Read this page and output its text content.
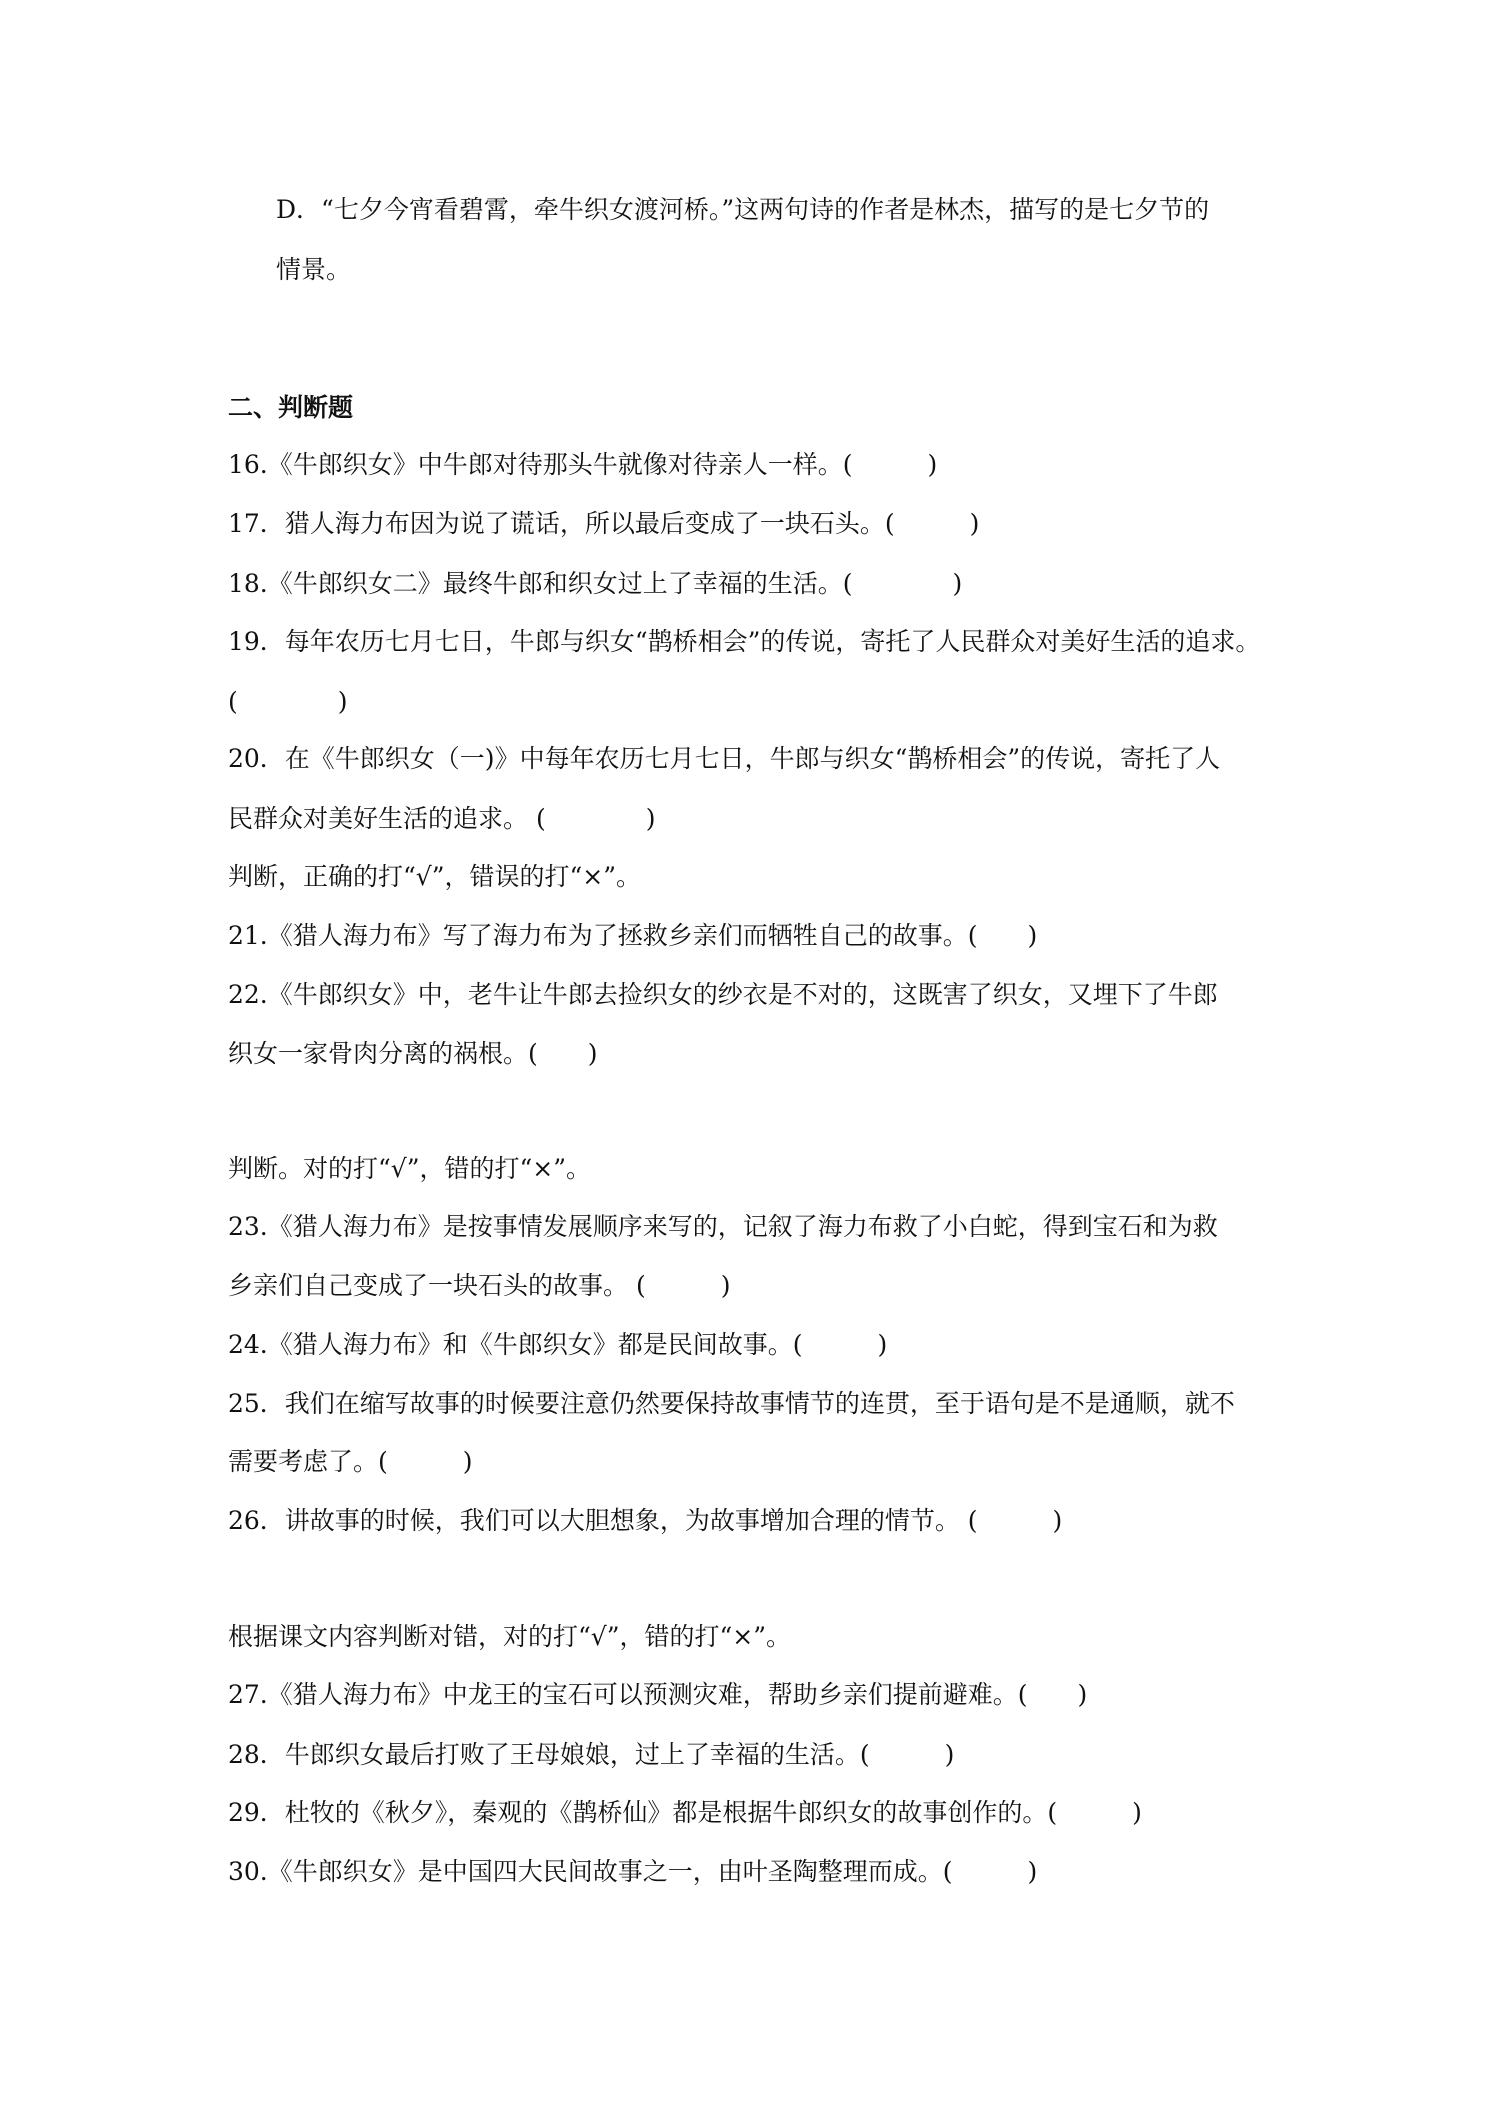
D．“七夕今宵看碧霄，牵牛织女渡河桥。”这两句诗的作者是林杰，描写的是七夕节的
情景。
二、判断题
16.《牛郎织女》中牛郎对待那头牛就像对待亲人一样。(　　　)
17．猎人海力布因为说了谎话，所以最后变成了一块石头。(　　　)
18.《牛郎织女二》最终牛郎和织女过上了幸福的生活。(　　　　)
19．每年农历七月七日，牛郎与织女“鹊桥相会”的传说，寄托了人民群众对美好生活的追求。
(　　　　)
20．在《牛郎织女（一)》中每年农历七月七日，牛郎与织女“鹊桥相会”的传说，寄托了人
民群众对美好生活的追求。 (　　　　)
判断，正确的打“√”，错误的打“×”。
21.《猎人海力布》写了海力布为了拯救乡亲们而牺牲自己的故事。(　　)
22.《牛郎织女》中，老牛让牛郎去捡织女的纱衣是不对的，这既害了织女，又埋下了牛郎
织女一家骨肉分离的祸根。(　　)
判断。对的打“√”，错的打“×”。
23.《猎人海力布》是按事情发展顺序来写的，记叙了海力布救了小白蛇，得到宝石和为救
乡亲们自己变成了一块石头的故事。 (　　　)
24.《猎人海力布》和《牛郎织女》都是民间故事。(　　　)
25．我们在缩写故事的时候要注意仍然要保持故事情节的连贯，至于语句是不是通顺，就不
需要考虑了。(　　　)
26．讲故事的时候，我们可以大胆想象，为故事增加合理的情节。 (　　　)
根据课文内容判断对错，对的打“√”，错的打“×”。
27.《猎人海力布》中龙王的宝石可以预测灾难，帮助乡亲们提前避难。(　　)
28．牛郎织女最后打败了王母娘娘，过上了幸福的生活。(　　　)
29．杜牧的《秋夕》，秦观的《鹊桥仙》都是根据牛郎织女的故事创作的。(　　　)
30.《牛郎织女》是中国四大民间故事之一，由叶圣陶整理而成。(　　　)
